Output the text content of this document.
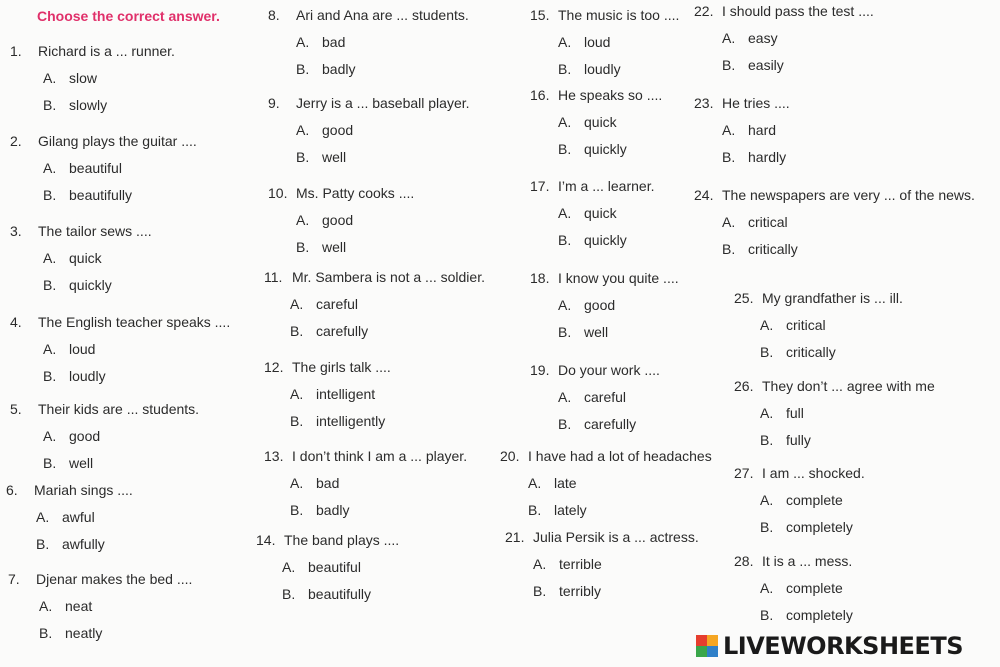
Choose the correct answer.
1. Richard is a ... runner.
A. slow
B. slowly
2. Gilang plays the guitar ....
A. beautiful
B. beautifully
3. The tailor sews ....
A. quick
B. quickly
4. The English teacher speaks ....
A. loud
B. loudly
5. Their kids are ... students.
A. good
B. well
6. Mariah sings ....
A. awful
B. awfully
7. Djenar makes the bed ....
A. neat
B. neatly
8. Ari and Ana are ... students.
A. bad
B. badly
9. Jerry is a ... baseball player.
A. good
B. well
10. Ms. Patty cooks ....
A. good
B. well
11. Mr. Sambera is not a ... soldier.
A. careful
B. carefully
12. The girls talk ....
A. intelligent
B. intelligently
13. I don’t think I am a ... player.
A. bad
B. badly
14. The band plays ....
A. beautiful
B. beautifully
15. The music is too ....
A. loud
B. loudly
16. He speaks so ....
A. quick
B. quickly
17. I’m a ... learner.
A. quick
B. quickly
18. I know you quite ....
A. good
B. well
19. Do your work ....
A. careful
B. carefully
20. I have had a lot of headaches
A. late
B. lately
21. Julia Persik is a ... actress.
A. terrible
B. terribly
22. I should pass the test ....
A. easy
B. easily
23. He tries ....
A. hard
B. hardly
24. The newspapers are very ... of the news.
A. critical
B. critically
25. My grandfather is ... ill.
A. critical
B. critically
26. They don’t ... agree with me
A. full
B. fully
27. I am ... shocked.
A. complete
B. completely
28. It is a ... mess.
A. complete
B. completely
LIVE WORKSHEETS
